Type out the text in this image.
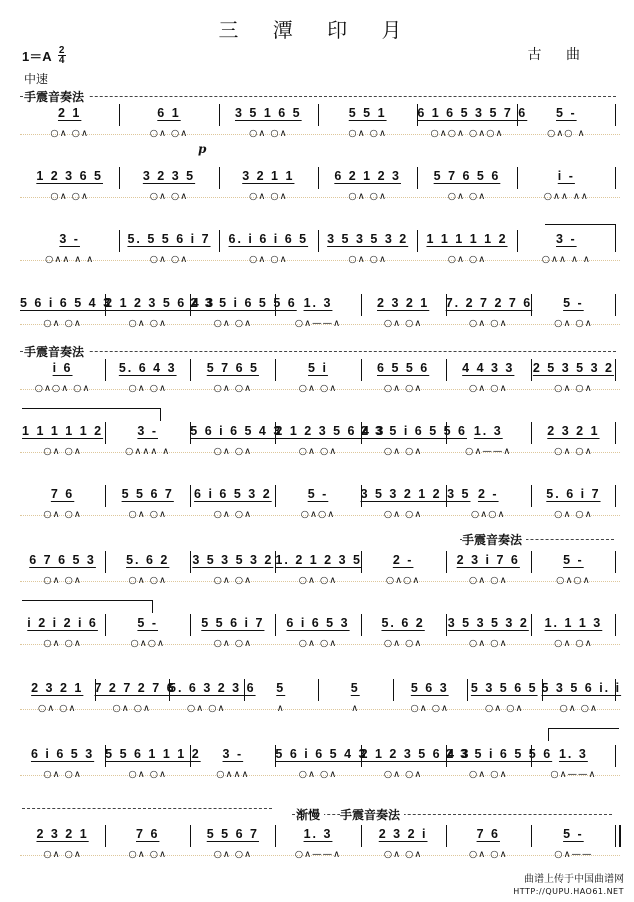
三 潭 印 月
1＝A 2
4	古 曲
中速
手震音奏法
手震音奏法
手震音奏法
渐慢	手震音奏法
p
2 1
○∧ ○∧
6 1
○∧ ○∧
3 5 1 6 5
○∧ ○∧
5 5 1
○∧ ○∧
6 1 6 5 3 5 7 6
○∧○∧ ○∧○∧
5 -
○∧○ ∧
1 2 3 6 5
○∧ ○∧
3 2 3 5
○∧ ○∧
3 2 1 1
○∧ ○∧
6 2 1 2 3
○∧ ○∧
5 7 6 5 6
○∧ ○∧
i -
○∧∧ ∧∧
3 -
○∧∧ ∧ ∧
5. 5 5 6 i 7
○∧ ○∧
6. i 6 i 6 5
○∧ ○∧
3 5 3 5 3 2
○∧ ○∧
1 1 1 1 1 2
○∧ ○∧
3 -
○∧∧ ∧ ∧
5 6 i 6 5 4 3
○∧ ○∧
2 1 2 3 5 6 4 3
○∧ ○∧
2 3 5 i 6 5 5 6
○∧ ○∧
1. 3
○∧——∧
2 3 2 1
○∧ ○∧
7. 2 7 2 7 6
○∧ ○∧
5 -
○∧ ○∧
i 6
○∧○∧ ○∧
5. 6 4 3
○∧ ○∧
5 7 6 5
○∧ ○∧
5 i
○∧ ○∧
6 5 5 6
○∧ ○∧
4 4 3 3
○∧ ○∧
2 5 3 5 3 2
○∧ ○∧
1 1 1 1 1 2
○∧ ○∧
3 -
○∧∧∧ ∧
5 6 i 6 5 4 3
○∧ ○∧
2 1 2 3 5 6 4 3
○∧ ○∧
2 3 5 i 6 5 5 6
○∧ ○∧
1. 3
○∧——∧
2 3 2 1
○∧ ○∧
7 6
○∧ ○∧
5 5 6 7
○∧ ○∧
6 i 6 5 3 2
○∧ ○∧
5 -
○∧○∧
3 5 3 2 1 2 3 5
○∧ ○∧
2 -
○∧○∧
5. 6 i 7
○∧ ○∧
6 7 6 5 3
○∧ ○∧
5. 6 2
○∧ ○∧
3 5 3 5 3 2
○∧ ○∧
1. 2 1 2 3 5
○∧ ○∧
2 -
○∧○∧
2 3 i 7 6
○∧ ○∧
5 -
○∧○∧
i 2 i 2 i 6
○∧ ○∧
5 -
○∧○∧
5 5 6 i 7
○∧ ○∧
6 i 6 5 3
○∧ ○∧
5. 6 2
○∧ ○∧
3 5 3 5 3 2
○∧ ○∧
1. 1 1 3
○∧ ○∧
2 3 2 1
○∧ ○∧
7 2 7 2 7 6
○∧ ○∧
5. 6 3 2 3 6
○∧ ○∧
5
∧
5
∧
5 6 3
○∧ ○∧
5 3 5 6 5
○∧ ○∧
5 3 5 6 i. i
○∧ ○∧
6 i 6 5 3
○∧ ○∧
5 5 6 1 1 1 2
○∧ ○∧
3 -
○∧∧∧
5 6 i 6 5 4 3
○∧ ○∧
2 1 2 3 5 6 4 3
○∧ ○∧
2 3 5 i 6 5 5 6
○∧ ○∧
1. 3
○∧——∧
2 3 2 1
○∧ ○∧
7 6
○∧ ○∧
5 5 6 7
○∧ ○∧
1. 3
○∧——∧
2 3 2 i
○∧ ○∧
7 6
○∧ ○∧
5 -
○∧——
曲谱上传于中国曲谱网
HTTP://QUPU.HAO61.NET
